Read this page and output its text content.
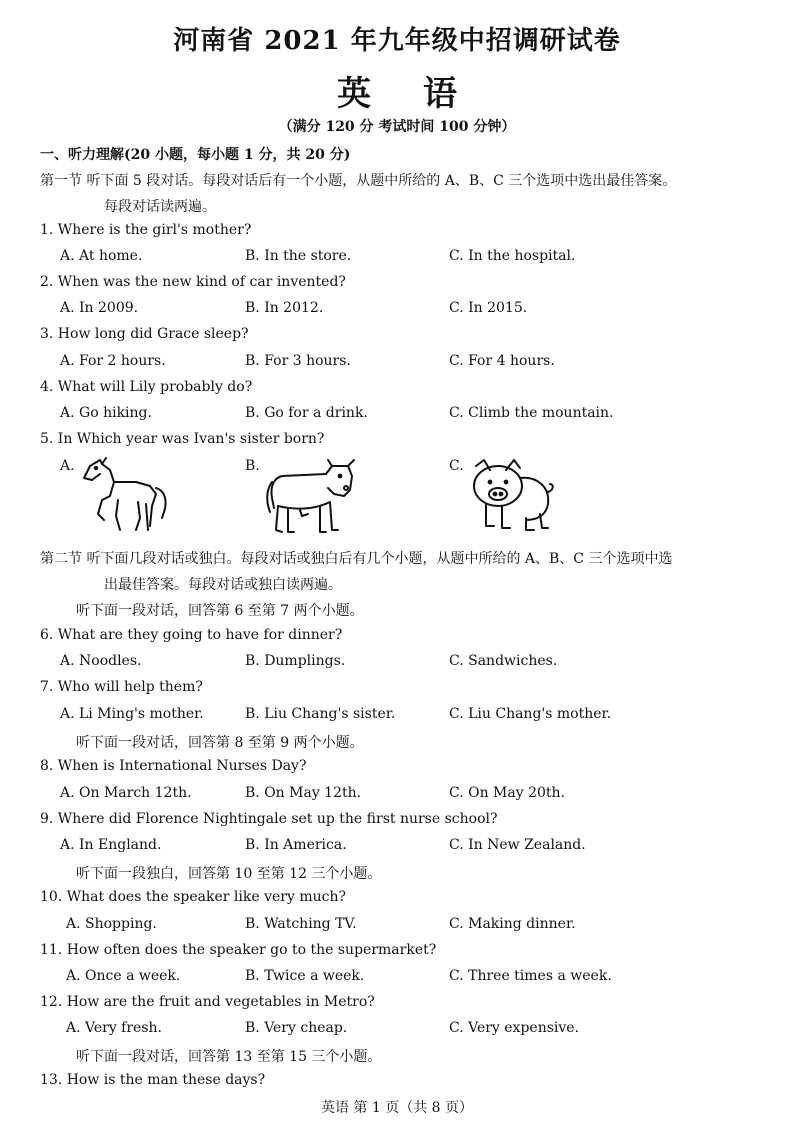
河南省 2021 年九年级中招调研试卷
英语
（满分 120 分 考试时间 100 分钟）
一、听力理解(20 小题，每小题 1 分，共 20 分)
第一节 听下面 5 段对话。每段对话后有一个小题，从题中所给的 A、B、C 三个选项中选出最佳答案。
每段对话读两遍。
1. Where is the girl's mother?
A. At home.	B. In the store.	C. In the hospital.
2. When was the new kind of car invented?
A. In 2009.	B. In 2012.	C. In 2015.
3. How long did Grace sleep?
A. For 2 hours.	B. For 3 hours.	C. For 4 hours.
4. What will Lily probably do?
A. Go hiking.	B. Go for a drink.	C. Climb the mountain.
5. In Which year was Ivan's sister born?
A.	B.	C.
第二节 听下面几段对话或独白。每段对话或独白后有几个小题，从题中所给的 A、B、C 三个选项中选
出最佳答案。每段对话或独白读两遍。
听下面一段对话，回答第 6 至第 7 两个小题。
6. What are they going to have for dinner?
A. Noodles.	B. Dumplings.	C. Sandwiches.
7. Who will help them?
A. Li Ming's mother.	B. Liu Chang's sister.	C. Liu Chang's mother.
听下面一段对话，回答第 8 至第 9 两个小题。
8. When is International Nurses Day?
A. On March 12th.	B. On May 12th.	C. On May 20th.
9. Where did Florence Nightingale set up the first nurse school?
A. In England.	B. In America.	C. In New Zealand.
听下面一段独白，回答第 10 至第 12 三个小题。
10. What does the speaker like very much?
A. Shopping.	B. Watching TV.	C. Making dinner.
11. How often does the speaker go to the supermarket?
A. Once a week.	B. Twice a week.	C. Three times a week.
12. How are the fruit and vegetables in Metro?
A. Very fresh.	B. Very cheap.	C. Very expensive.
听下面一段对话，回答第 13 至第 15 三个小题。
13. How is the man these days?
英语 第 1 页（共 8 页）
